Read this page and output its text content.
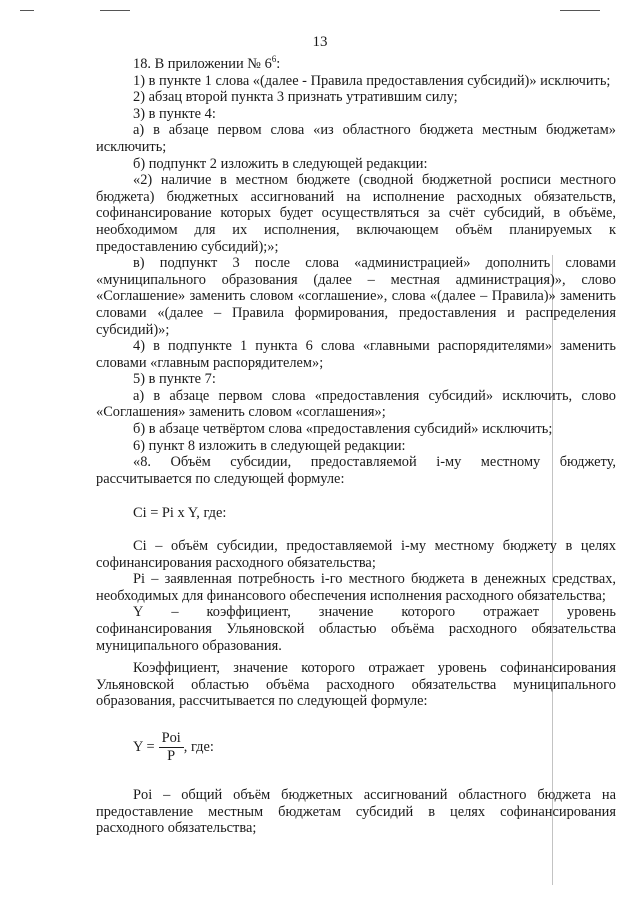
13

18. В приложении № $6^6$:

1) в пункте 1 слова «(далее - Правила предоставления субсидий)» исключить;

2) абзац второй пункта 3 признать утратившим силу;

3) в пункте 4:

а) в абзаце первом слова «из областного бюджета местным бюджетам» исключить;

б) подпункт 2 изложить в следующей редакции:

«2) наличие в местном бюджете (сводной бюджетной росписи местного бюджета) бюджетных ассигнований на исполнение расходных обязательств, софинансирование которых будет осуществляться за счёт субсидий, в объёме, необходимом для их исполнения, включающем объём планируемых к предоставлению субсидий);»;

в) подпункт 3 после слова «администрацией» дополнить словами «муниципального образования (далее – местная администрация)», слово «Соглашение» заменить словом «соглашение», слова «(далее – Правила)» заменить словами «(далее – Правила формирования, предоставления и распределения субсидий)»;

4) в подпункте 1 пункта 6 слова «главными распорядителями» заменить словами «главным распорядителем»;

5) в пункте 7:

а) в абзаце первом слова «предоставления субсидий» исключить, слово «Соглашения» заменить словом «соглашения»;

б) в абзаце четвёртом слова «предоставления субсидий» исключить;

6) пункт 8 изложить в следующей редакции:

«8. Объём субсидии, предоставляемой i-му местному бюджету, рассчитывается по следующей формуле:

Ci = Pi x Y, где:

Ci – объём субсидии, предоставляемой i-му местному бюджету в целях софинансирования расходного обязательства;

Pi – заявленная потребность i-го местного бюджета в денежных средствах, необходимых для финансового обеспечения исполнения расходного обязательства;

Y – коэффициент, значение которого отражает уровень

софинансирования Ульяновской областью объёма расходного обязательства муниципального образования.

Коэффициент, значение которого отражает уровень софинансирования Ульяновской областью объёма расходного обязательства муниципального образования, рассчитывается по следующей формуле:

$Y = \frac{\text{Poi}}{P}$ , где:

Poi – общий объём бюджетных ассигнований областного бюджета на предоставление местным бюджетам субсидий в целях софинансирования расходного обязательства;
